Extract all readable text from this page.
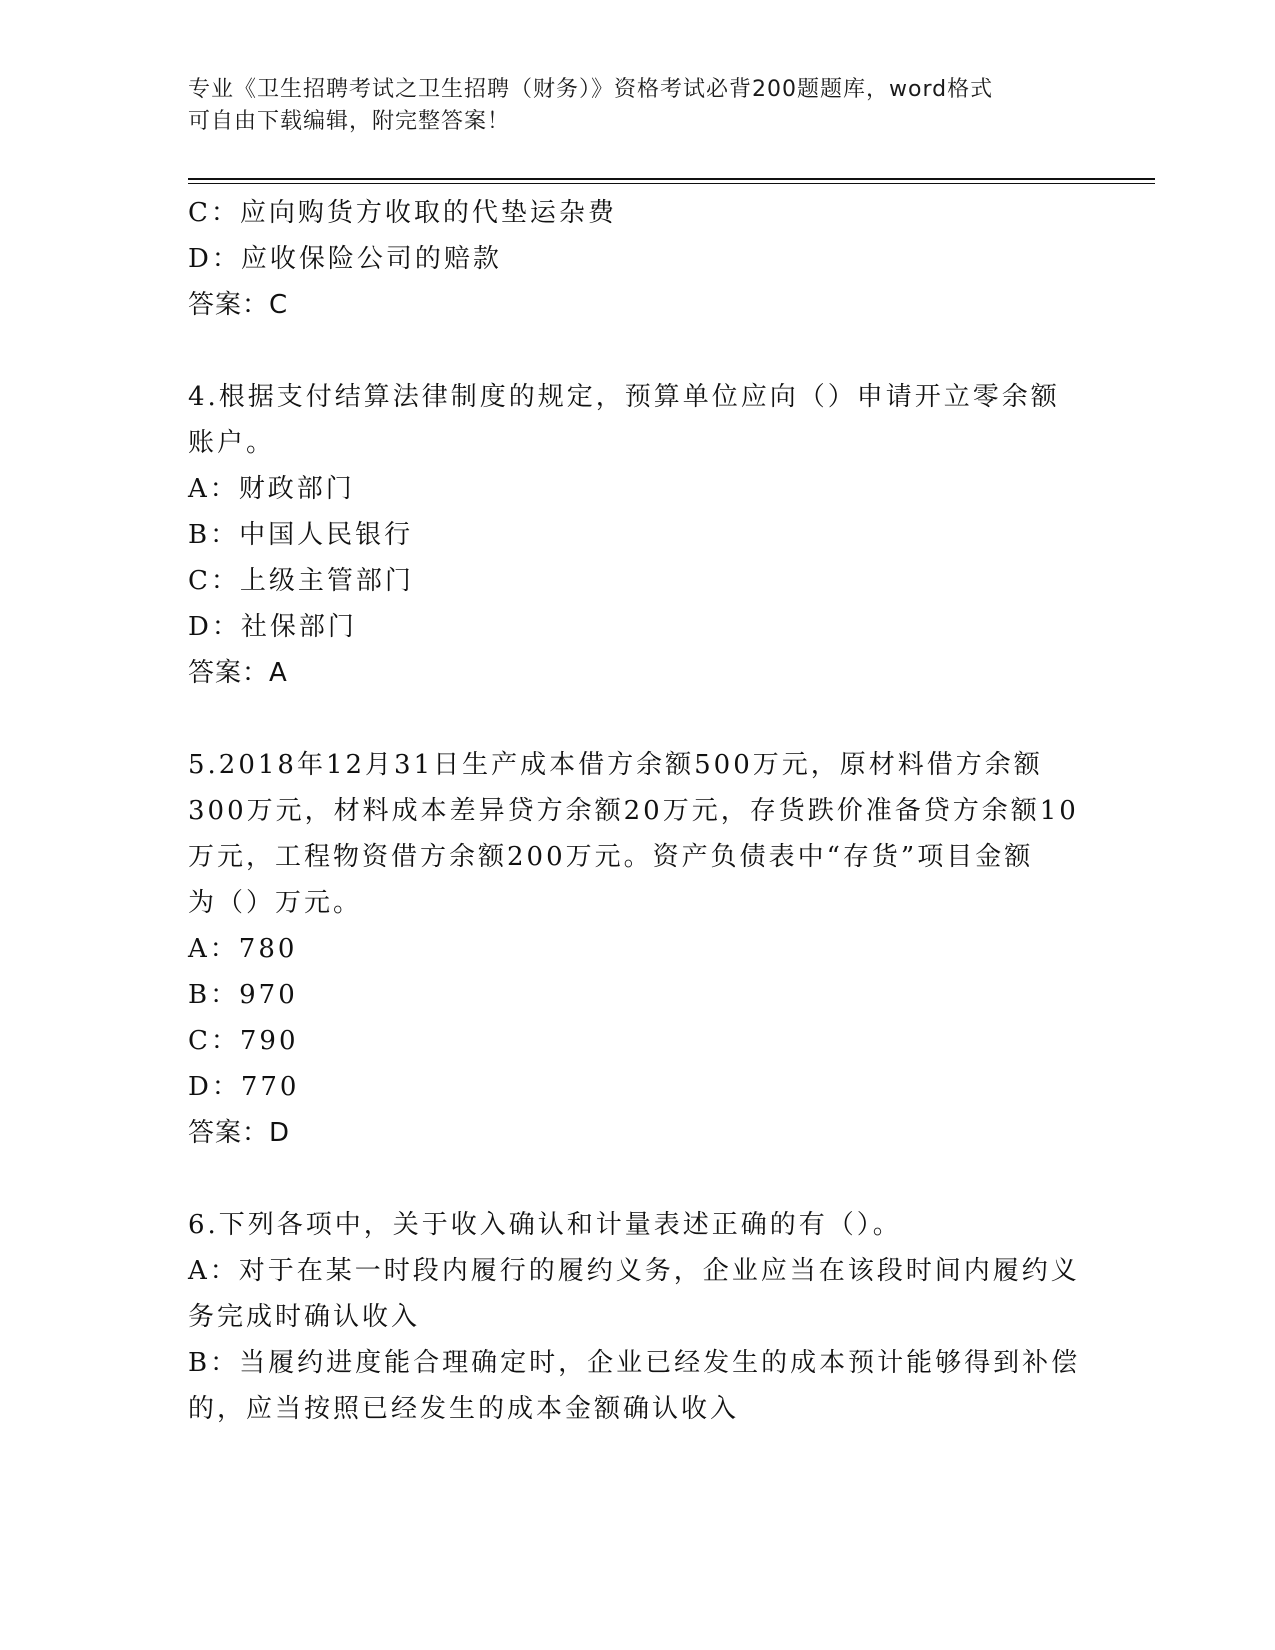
专业《卫生招聘考试之卫生招聘（财务）》资格考试必背200题题库，word格式
可自由下载编辑，附完整答案！
C：应向购货方收取的代垫运杂费
D：应收保险公司的赔款
答案：C
4.根据支付结算法律制度的规定，预算单位应向（）申请开立零余额
账户。
A：财政部门
B：中国人民银行
C：上级主管部门
D：社保部门
答案：A
5.2018年12月31日生产成本借方余额500万元，原材料借方余额
300万元，材料成本差异贷方余额20万元，存货跌价准备贷方余额10
万元，工程物资借方余额200万元。资产负债表中“存货”项目金额
为（）万元。
A：780
B：970
C：790
D：770
答案：D
6.下列各项中，关于收入确认和计量表述正确的有（）。
A：对于在某一时段内履行的履约义务，企业应当在该段时间内履约义
务完成时确认收入
B：当履约进度能合理确定时，企业已经发生的成本预计能够得到补偿
的，应当按照已经发生的成本金额确认收入
